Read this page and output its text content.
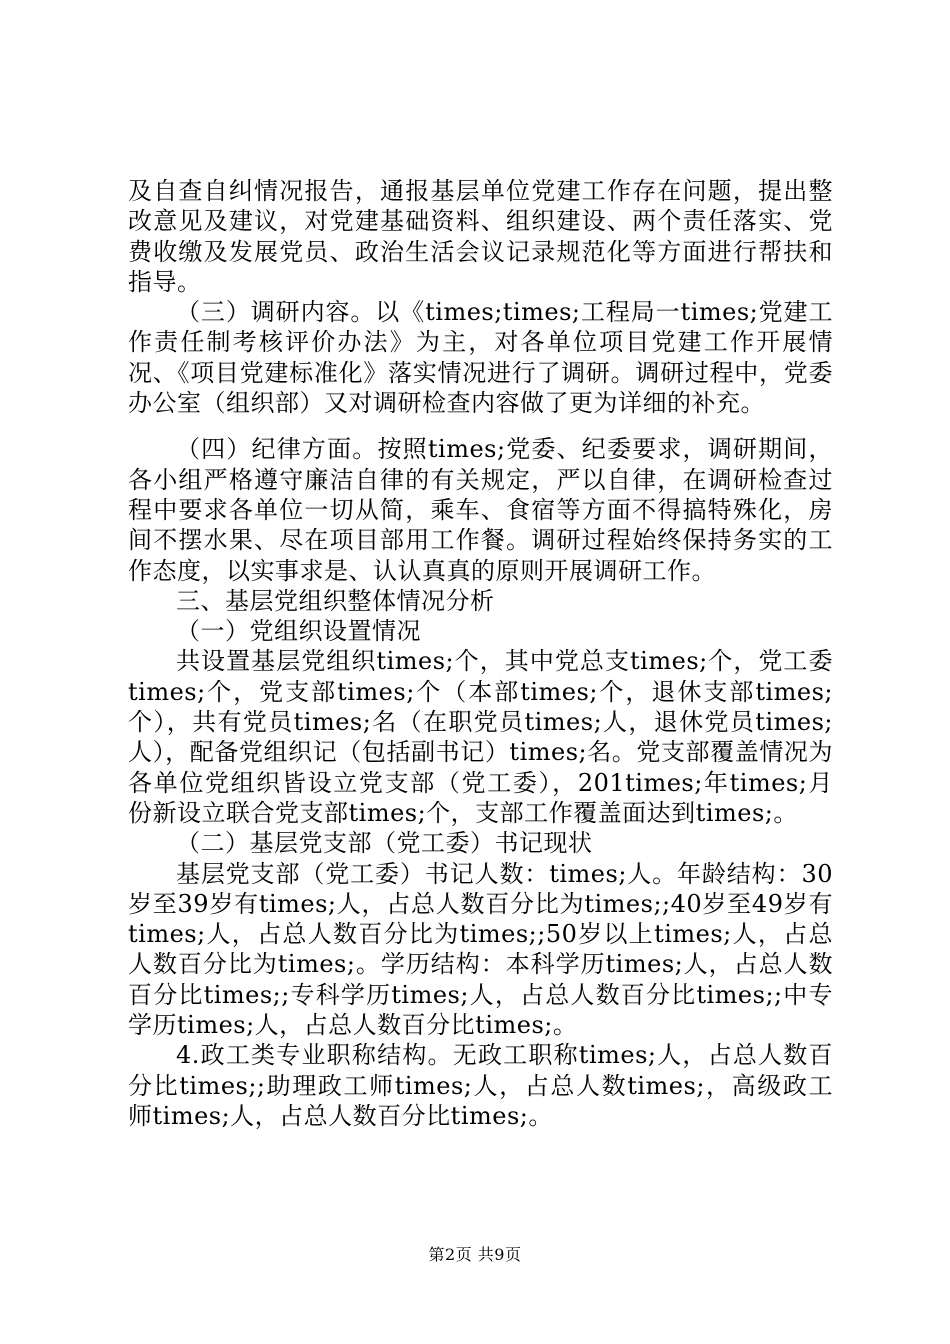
及自查自纠情况报告，通报基层单位党建工作存在问题，提出整改意见及建议，对党建基础资料、组织建设、两个责任落实、党费收缴及发展党员、政治生活会议记录规范化等方面进行帮扶和指导。

（三）调研内容。以《times;times;工程局一times;党建工作责任制考核评价办法》为主，对各单位项目党建工作开展情况、《项目党建标准化》落实情况进行了调研。调研过程中，党委办公室（组织部）又对调研检查内容做了更为详细的补充。

（四）纪律方面。按照times;党委、纪委要求，调研期间，各小组严格遵守廉洁自律的有关规定，严以自律，在调研检查过程中要求各单位一切从简，乘车、食宿等方面不得搞特殊化，房间不摆水果、尽在项目部用工作餐。调研过程始终保持务实的工作态度，以实事求是、认认真真的原则开展调研工作。

三、基层党组织整体情况分析

（一）党组织设置情况

共设置基层党组织times;个，其中党总支times;个，党工委times;个，党支部times;个（本部times;个，退休支部times;个），共有党员times;名（在职党员times;人，退休党员times;人），配备党组织记（包括副书记）times;名。党支部覆盖情况为各单位党组织皆设立党支部（党工委），201times;年times;月份新设立联合党支部times;个，支部工作覆盖面达到times;。

（二）基层党支部（党工委）书记现状

基层党支部（党工委）书记人数：times;人。年龄结构：30岁至39岁有times;人，占总人数百分比为times;;40岁至49岁有times;人，占总人数百分比为times;;50岁以上times;人，占总人数百分比为times;。学历结构：本科学历times;人，占总人数百分比times;;专科学历times;人，占总人数百分比times;;中专学历times;人，占总人数百分比times;。

4.政工类专业职称结构。无政工职称times;人，占总人数百分比times;;助理政工师times;人，占总人数times;，高级政工师times;人，占总人数百分比times;。

第2页 共9页
